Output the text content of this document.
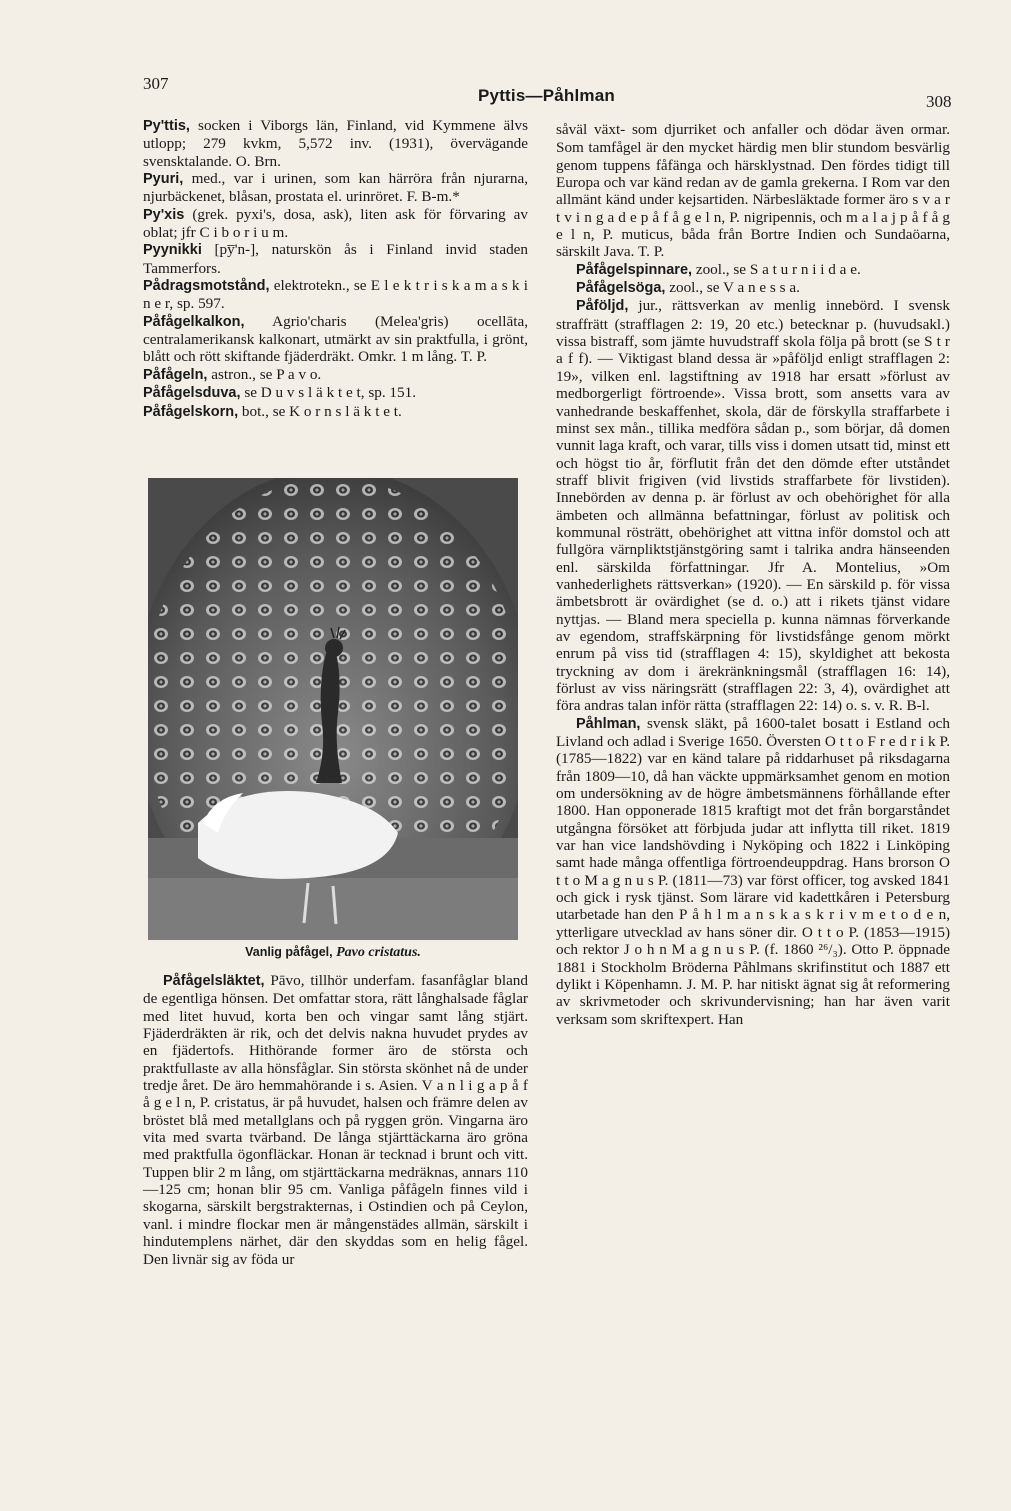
307
Pyttis—Påhlman	308

Py'ttis, socken i Viborgs län, Finland, vid Kymmene älvs utlopp; 279 kvkm, 5,572 inv. (1931), övervägande svensktalande. O. Brn.

Pyuri, med., var i urinen, som kan härröra från njurarna, njurbäckenet, blåsan, prostata el. urinröret. F. B-m.*

Py'xis (grek. pyxi's, dosa, ask), liten ask för förvaring av oblat; jfr C i b o r i u m.

Pyynikki [py̅'n-], naturskön ås i Finland invid staden Tammerfors.

Pådragsmotstånd, elektrotekn., se E l e k t r i s k a m a s k i n e r, sp. 597.

Påfågelkalkon, Agrio'charis (Melea'gris) ocellāta, centralamerikansk kalkonart, utmärkt av sin praktfulla, i grönt, blått och rött skiftande fjäderdräkt. Omkr. 1 m lång. T. P.

Påfågeln, astron., se P a v o.

Påfågelsduva, se D u v s l ä k t e t, sp. 151.

Påfågelskorn, bot., se K o r n s l ä k t e t.

Vanlig påfågel, Pavo cristatus.

Påfågelsläktet, Pāvo, tillhör underfam. fasanfåglar bland de egentliga hönsen. Det omfattar stora, rätt långhalsade fåglar med litet huvud, korta ben och vingar samt lång stjärt. Fjäderdräkten är rik, och det delvis nakna huvudet prydes av en fjädertofs. Hithörande former äro de största och praktfullaste av alla hönsfåglar. Sin största skönhet nå de under tredje året. De äro hemmahörande i s. Asien. V a n l i g a p å f å g e l n, P. cristatus, är på huvudet, halsen och främre delen av bröstet blå med metallglans och på ryggen grön. Vingarna äro vita med svarta tvärband. De långa stjärttäckarna äro gröna med praktfulla ögonfläckar. Honan är tecknad i brunt och vitt. Tuppen blir 2 m lång, om stjärttäckarna medräknas, annars 110—125 cm; honan blir 95 cm. Vanliga påfågeln finnes vild i skogarna, särskilt bergstrakternas, i Ostindien och på Ceylon, vanl. i mindre flockar men är mångenstädes allmän, särskilt i hindutemplens närhet, där den skyddas som en helig fågel. Den livnär sig av föda ur

såväl växt- som djurriket och anfaller och dödar även ormar. Som tamfågel är den mycket härdig men blir stundom besvärlig genom tuppens fåfänga och härsklystnad. Den fördes tidigt till Europa och var känd redan av de gamla grekerna. I Rom var den allmänt känd under kejsartiden. Närbesläktade former äro s v a r t v i n g a d e p å f å g e l n, P. nigripennis, och m a l a j p å f å g e l n, P. muticus, båda från Bortre Indien och Sundaöarna, särskilt Java. T. P.

Påfågelspinnare, zool., se S a t u r n i i d a e.

Påfågelsöga, zool., se V a n e s s a.

Påföljd, jur., rättsverkan av menlig innebörd. I svensk straffrätt (strafflagen 2: 19, 20 etc.) betecknar p. (huvudsakl.) vissa bistraff, som jämte huvudstraff skola följa på brott (se S t r a f f). — Viktigast bland dessa är »påföljd enligt strafflagen 2: 19», vilken enl. lagstiftning av 1918 har ersatt »förlust av medborgerligt förtroende». Vissa brott, som ansetts vara av vanhedrande beskaffenhet, skola, där de förskylla straffarbete i minst sex mån., tillika medföra sådan p., som börjar, då domen vunnit laga kraft, och varar, tills viss i domen utsatt tid, minst ett och högst tio år, förflutit från det den dömde efter utståndet straff blivit frigiven (vid livstids straffarbete för livstiden). Innebörden av denna p. är förlust av och obehörighet för alla ämbeten och allmänna befattningar, förlust av politisk och kommunal rösträtt, obehörighet att vittna inför domstol och att fullgöra värnpliktstjänstgöring samt i talrika andra hänseenden enl. särskilda författningar. Jfr A. Montelius, »Om vanhederlighets rättsverkan» (1920). — En särskild p. för vissa ämbetsbrott är ovärdighet (se d. o.) att i rikets tjänst vidare nyttjas. — Bland mera speciella p. kunna nämnas förverkande av egendom, straffskärpning för livstidsfånge genom mörkt enrum på viss tid (strafflagen 4: 15), skyldighet att bekosta tryckning av dom i ärekränkningsmål (strafflagen 16: 14), förlust av viss näringsrätt (strafflagen 22: 3, 4), ovärdighet att föra andras talan inför rätta (strafflagen 22: 14) o. s. v. R. B-l.

Påhlman, svensk släkt, på 1600-talet bosatt i Estland och Livland och adlad i Sverige 1650. Översten O t t o F r e d r i k P. (1785—1822) var en känd talare på riddarhuset på riksdagarna från 1809—10, då han väckte uppmärksamhet genom en motion om undersökning av de högre ämbetsmännens förhållande efter 1800. Han opponerade 1815 kraftigt mot det från borgarståndet utgångna försöket att förbjuda judar att inflytta till riket. 1819 var han vice landshövding i Nyköping och 1822 i Linköping samt hade många offentliga förtroendeuppdrag. Hans brorson O t t o M a g n u s P. (1811—73) var först officer, tog avsked 1841 och gick i rysk tjänst. Som lärare vid kadettkåren i Petersburg utarbetade han den P å h l m a n s k a s k r i v m e t o d e n, ytterligare utvecklad av hans söner dir. O t t o P. (1853—1915) och rektor J o h n M a g n u s P. (f. 1860 ²⁶/₃). Otto P. öppnade 1881 i Stockholm Bröderna Påhlmans skrifinstitut och 1887 ett dylikt i Köpenhamn. J. M. P. har nitiskt ägnat sig åt reformering av skrivmetoder och skrivundervisning; han har även varit verksam som skriftexpert. Han
